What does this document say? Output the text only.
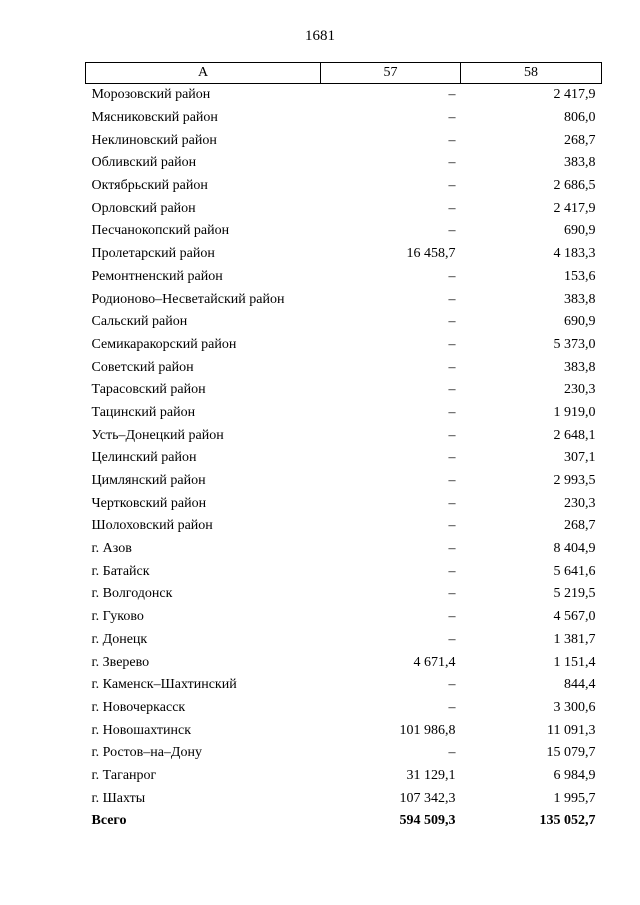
1681
А	57	58
Морозовский район	–	2 417,9
Мясниковский район	–	806,0
Неклиновский район	–	268,7
Обливский район	–	383,8
Октябрьский район	–	2 686,5
Орловский район	–	2 417,9
Песчанокопский район	–	690,9
Пролетарский район	16 458,7	4 183,3
Ремонтненский район	–	153,6
Родионово–Несветайский район	–	383,8
Сальский район	–	690,9
Семикаракорский район	–	5 373,0
Советский район	–	383,8
Тарасовский район	–	230,3
Тацинский район	–	1 919,0
Усть–Донецкий район	–	2 648,1
Целинский район	–	307,1
Цимлянский район	–	2 993,5
Чертковский район	–	230,3
Шолоховский район	–	268,7
г. Азов	–	8 404,9
г. Батайск	–	5 641,6
г. Волгодонск	–	5 219,5
г. Гуково	–	4 567,0
г. Донецк	–	1 381,7
г. Зверево	4 671,4	1 151,4
г. Каменск–Шахтинский	–	844,4
г. Новочеркасск	–	3 300,6
г. Новошахтинск	101 986,8	11 091,3
г. Ростов–на–Дону	–	15 079,7
г. Таганрог	31 129,1	6 984,9
г. Шахты	107 342,3	1 995,7
Всего	594 509,3	135 052,7
